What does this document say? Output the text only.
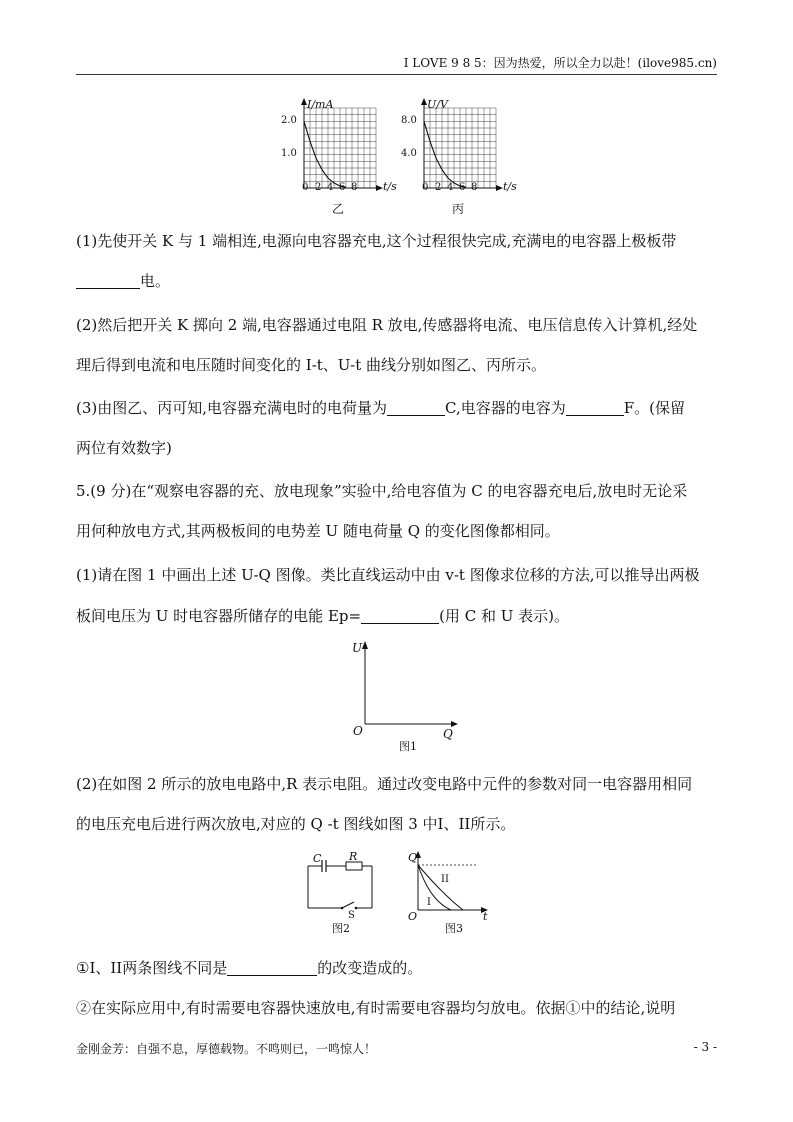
I LOVE 9 8 5：因为热爱，所以全力以赴！(ilove985.cn)
I/mA
t/s
2.0
1.0
0 2 4 6 8
乙
U/V
t/s
8.0
4.0
0 2 4 6 8
丙
(1)先使开关 K 与 1 端相连,电源向电容器充电,这个过程很快完成,充满电的电容器上极板带
电。
(2)然后把开关 K 掷向 2 端,电容器通过电阻 R 放电,传感器将电流、电压信息传入计算机,经处
理后得到电流和电压随时间变化的 I-t、U-t 曲线分别如图乙、丙所示。
(3)由图乙、丙可知,电容器充满电时的电荷量为	C,电容器的电容为	F。(保留
两位有效数字)
5.(9 分)在“观察电容器的充、放电现象”实验中,给电容值为 C 的电容器充电后,放电时无论采
用何种放电方式,其两极板间的电势差 U 随电荷量 Q 的变化图像都相同。
(1)请在图 1 中画出上述 U-Q 图像。类比直线运动中由 v-t 图像求位移的方法,可以推导出两极
板间电压为 U 时电容器所储存的电能 Ep=	(用 C 和 U 表示)。
U
Q
O
图1
(2)在如图 2 所示的放电电路中,R 表示电阻。通过改变电路中元件的参数对同一电容器用相同
的电压充电后进行两次放电,对应的 Q -t 图线如图 3 中I、II所示。
C	R
S
图2
Q
t
O
I
II
图3
①I、II两条图线不同是	的改变造成的。
②在实际应用中,有时需要电容器快速放电,有时需要电容器均匀放电。依据①中的结论,说明
金刚金芳：自强不息，厚德载物。不鸣则已，一鸣惊人！	- 3 -
